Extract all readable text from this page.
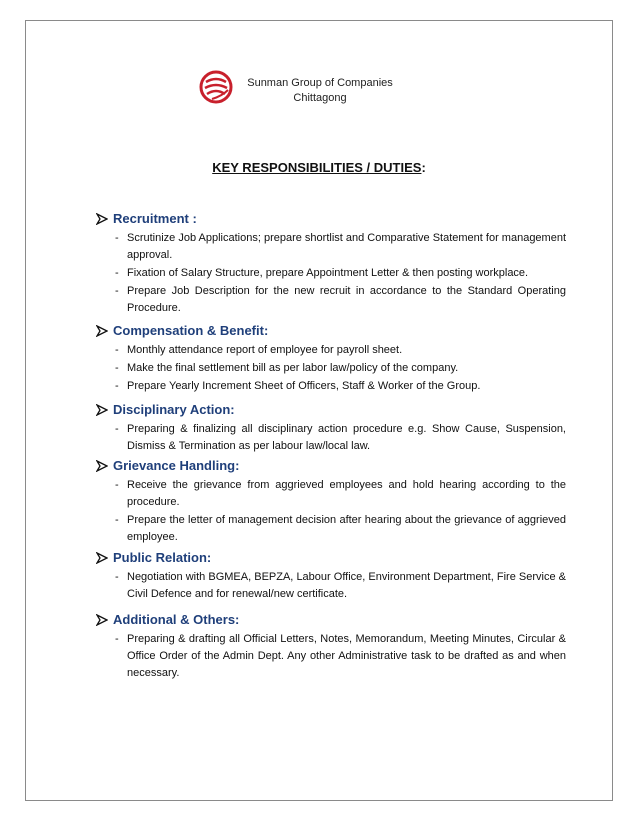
Sunman Group of Companies
Chittagong
KEY RESPONSIBILITIES / DUTIES:
Recruitment :
- Scrutinize Job Applications; prepare shortlist and Comparative Statement for management approval.
- Fixation of Salary Structure, prepare Appointment Letter & then posting workplace.
- Prepare Job Description for the new recruit in accordance to the Standard Operating Procedure.
Compensation & Benefit:
- Monthly attendance report of employee for payroll sheet.
- Make the final settlement bill as per labor law/policy of the company.
- Prepare Yearly Increment Sheet of Officers, Staff & Worker of the Group.
Disciplinary Action:
- Preparing & finalizing all disciplinary action procedure e.g. Show Cause, Suspension, Dismiss & Termination as per labour law/local law.
Grievance Handling:
- Receive the grievance from aggrieved employees and hold hearing according to the procedure.
- Prepare the letter of management decision after hearing about the grievance of aggrieved employee.
Public Relation:
- Negotiation with BGMEA, BEPZA, Labour Office, Environment Department, Fire Service & Civil Defence and for renewal/new certificate.
Additional & Others:
- Preparing & drafting all Official Letters, Notes, Memorandum, Meeting Minutes, Circular & Office Order of the Admin Dept. Any other Administrative task to be drafted as and when necessary.
